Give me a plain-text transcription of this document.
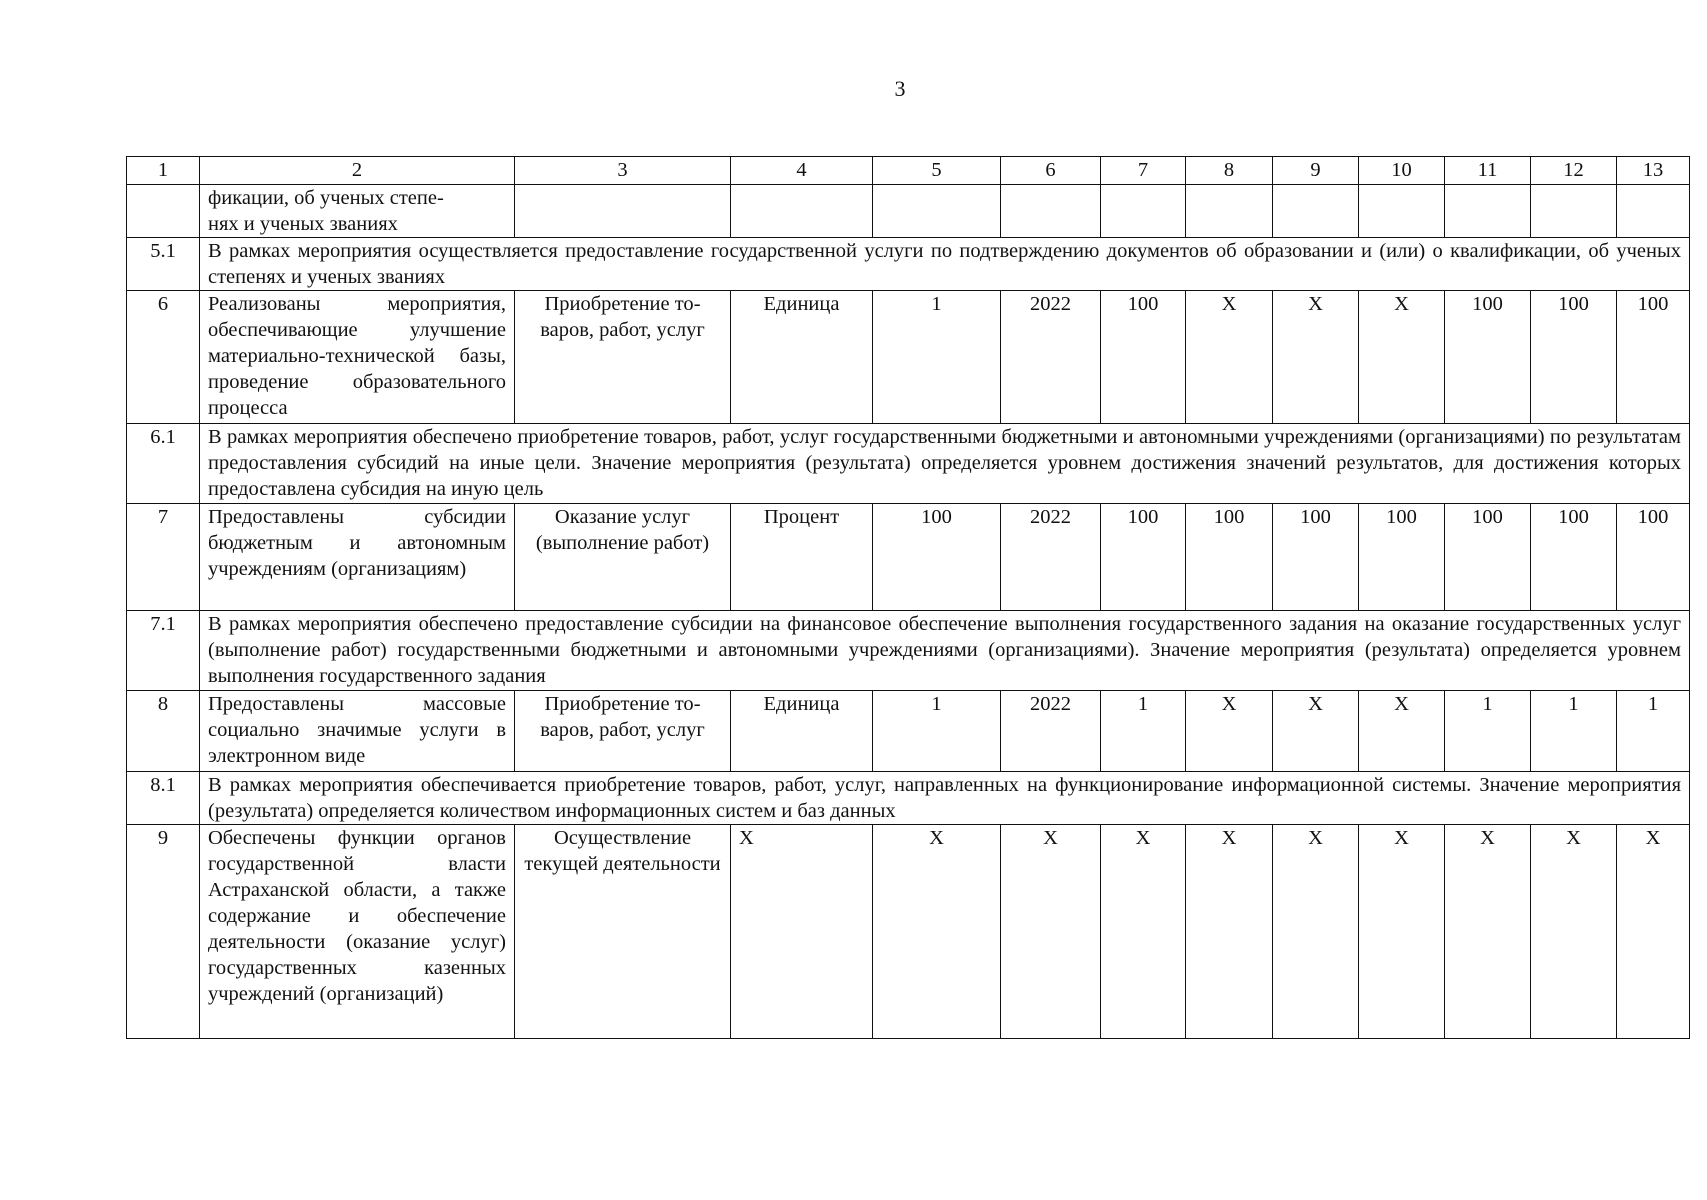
3
1	2	3	4	5	6	7	8	9	10	11	12	13
	фикации, об ученых степе-
нях и ученых званиях											
5.1	В рамках мероприятия осуществляется предоставление государственной услуги по подтверждению документов об образовании и (или) о квалификации, об ученых степенях и ученых званиях											
6	Реализованы мероприятия, обеспечивающие улучшение материально-технической базы, проведение образовательного процесса	Приобретение товаров, работ, услуг	Единица	1	2022	100	X	X	X	100	100	100
6.1	В рамках мероприятия обеспечено приобретение товаров, работ, услуг государственными бюджетными и автономными учреждениями (организациями) по результатам предоставления субсидий на иные цели. Значение мероприятия (результата) определяется уровнем достижения значений результатов, для достижения которых предоставлена субсидия на иную цель											
7	Предоставлены субсидии бюджетным и автономным учреждениям (организациям)	Оказание услуг (выполнение работ)	Процент	100	2022	100	100	100	100	100	100	100
7.1	В рамках мероприятия обеспечено предоставление субсидии на финансовое обеспечение выполнения государственного задания на оказание государственных услуг (выполнение работ) государственными бюджетными и автономными учреждениями (организациями). Значение мероприятия (результата) определяется уровнем выполнения государственного задания											
8	Предоставлены массовые социально значимые услуги в электронном виде	Приобретение товаров, работ, услуг	Единица	1	2022	1	X	X	X	1	1	1
8.1	В рамках мероприятия обеспечивается приобретение товаров, работ, услуг, направленных на функционирование информационной системы. Значение мероприятия (результата) определяется количеством информационных систем и баз данных											
9	Обеспечены функции органов государственной власти Астраханской области, а также содержание и обеспечение деятельности (оказание услуг) государственных казенных учреждений (организаций)	Осуществление текущей деятельности	X	X	X	X	X	X	X	X	X	X
